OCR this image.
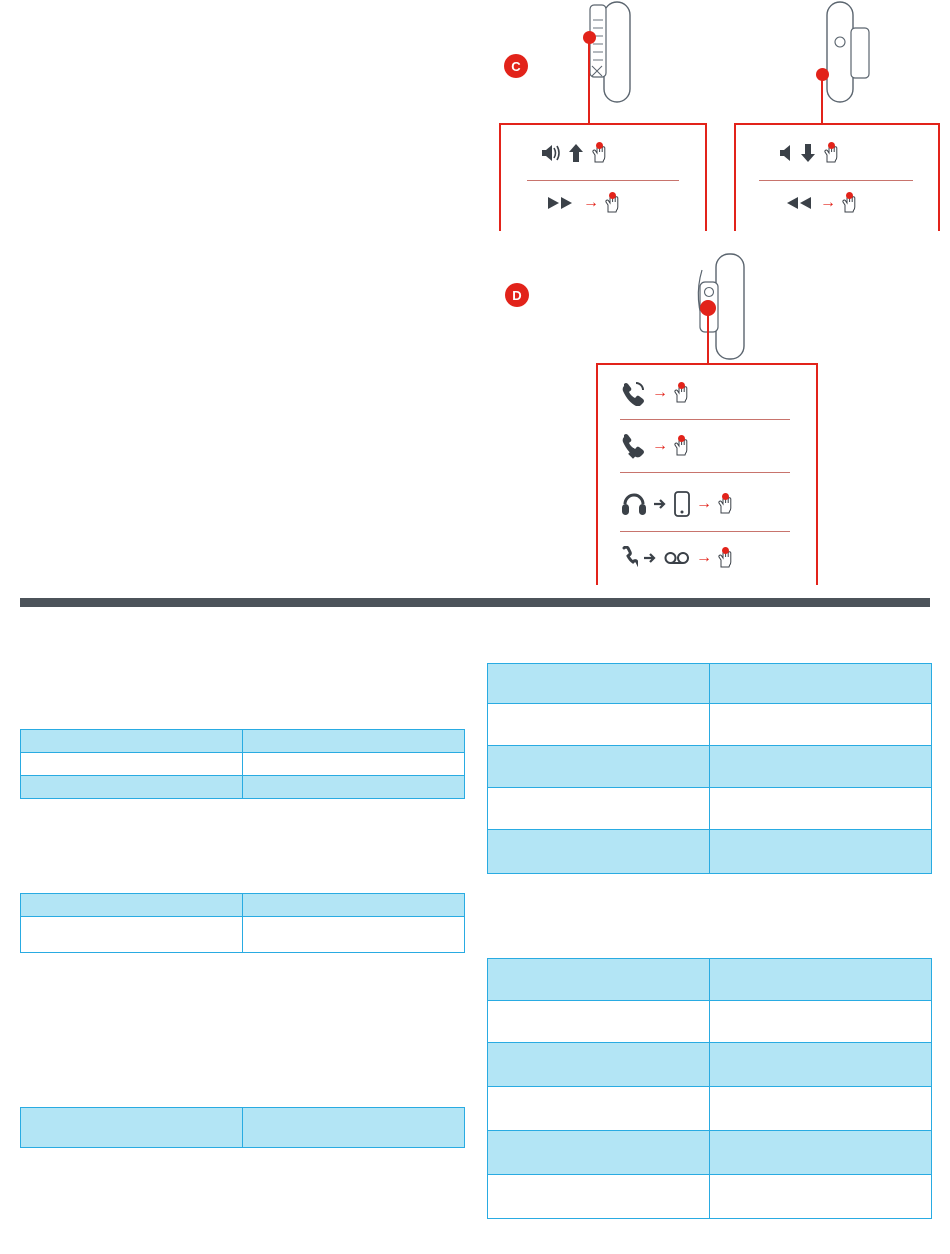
C
→	→
D
→
→
→
→
